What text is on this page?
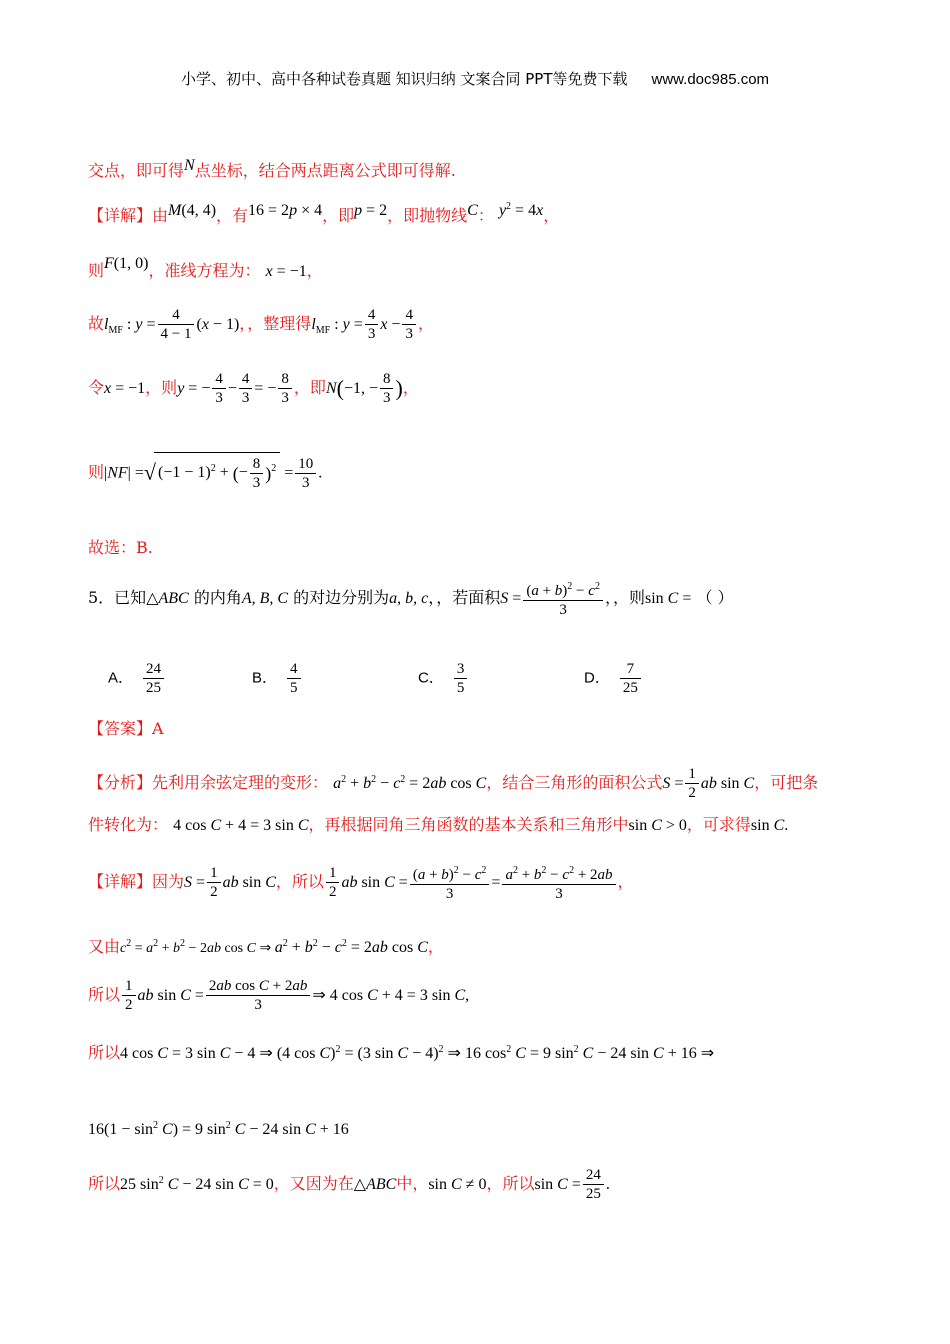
小学、初中、高中各种试卷真题 知识归纳 文案合同 PPT等免费下载 www.doc985.com
交点，即可得N点坐标，结合两点距离公式即可得解.
【详解】由M(4, 4)，有16 = 2p × 4，即p = 2，即抛物线C： $y^2 = 4x$，
则F(1, 0)，准线方程为： x = −1，
故$l_{MF}$ : $y = \frac{4}{4 - 1} (x - 1)$，，整理得$l_{MF}$ : $y = \frac{4}{3}$ $x - \frac{4}{3}$ ，
令x = −1，则y = − $\frac{4}{3} - \frac{4}{3}$ = − $\frac{8}{3}$ ，即N(−1, − $\frac{8}{3}$ )，
则|NF| =√ $(-1 - 1)^2$ + (− $\frac{8}{3} )^2 = \frac{10}{3}$ .
故选：B.
5．已知△ABC 的内角A, B, C 的对边分别为a, b, c，，若面积$S = \frac{(a + b)^2 - c^2}{3}$ ，，则sin C = （ ）
A． $\frac{24}{25}$	B． $\frac{4}{5}$	C． $\frac{3}{5}$	D． $\frac{7}{25}$
【答案】A
【分析】先利用余弦定理的变形： $a^2 + b^2 - c^2 = 2ab$ cos C，结合三角形的面积公式$S = \frac{1}{2}$ ab sin C，可把条
件转化为： 4 cos C + 4 = 3 sin C，再根据同角三角函数的基本关系和三角形中sin C > 0，可求得sin C.
【详解】因为$S = \frac{1}{2}$ ab sin C，所以 $\frac{1}{2}$ ab $\sin C = \frac{(a + b)^2 - c^2}{3} = \frac{a^2 + b^2 - c^2 + 2ab}{3}$ ，
又由$c^2 = a^2 + b^2 - 2ab$ cos C ⇒ $a^2 + b^2 - c^2 = 2ab$ cos C，
所以 $\frac{1}{2}$ ab $\sin C = \frac{\text{2ab cos C + 2ab}}{3}$ ⇒ 4 cos C + 4 = 3 sin C,
所以4 cos C = 3 sin C − 4 ⇒ (4 cos C)$^2$ = (3 sin C − 4)$^2$ ⇒ 16 $\cos^2 C = 9$ $\sin^2 C - 24$ sin C + 16 ⇒
$16(1 - \sin^2 C) = 9$ $\sin^2 C - 24$ sin C + 16
所以25 $\sin^2 C - 24$ sin C = 0，又因为在△ABC中，sin C ≠ 0，所以$\sin C = \frac{24}{25}$ .
